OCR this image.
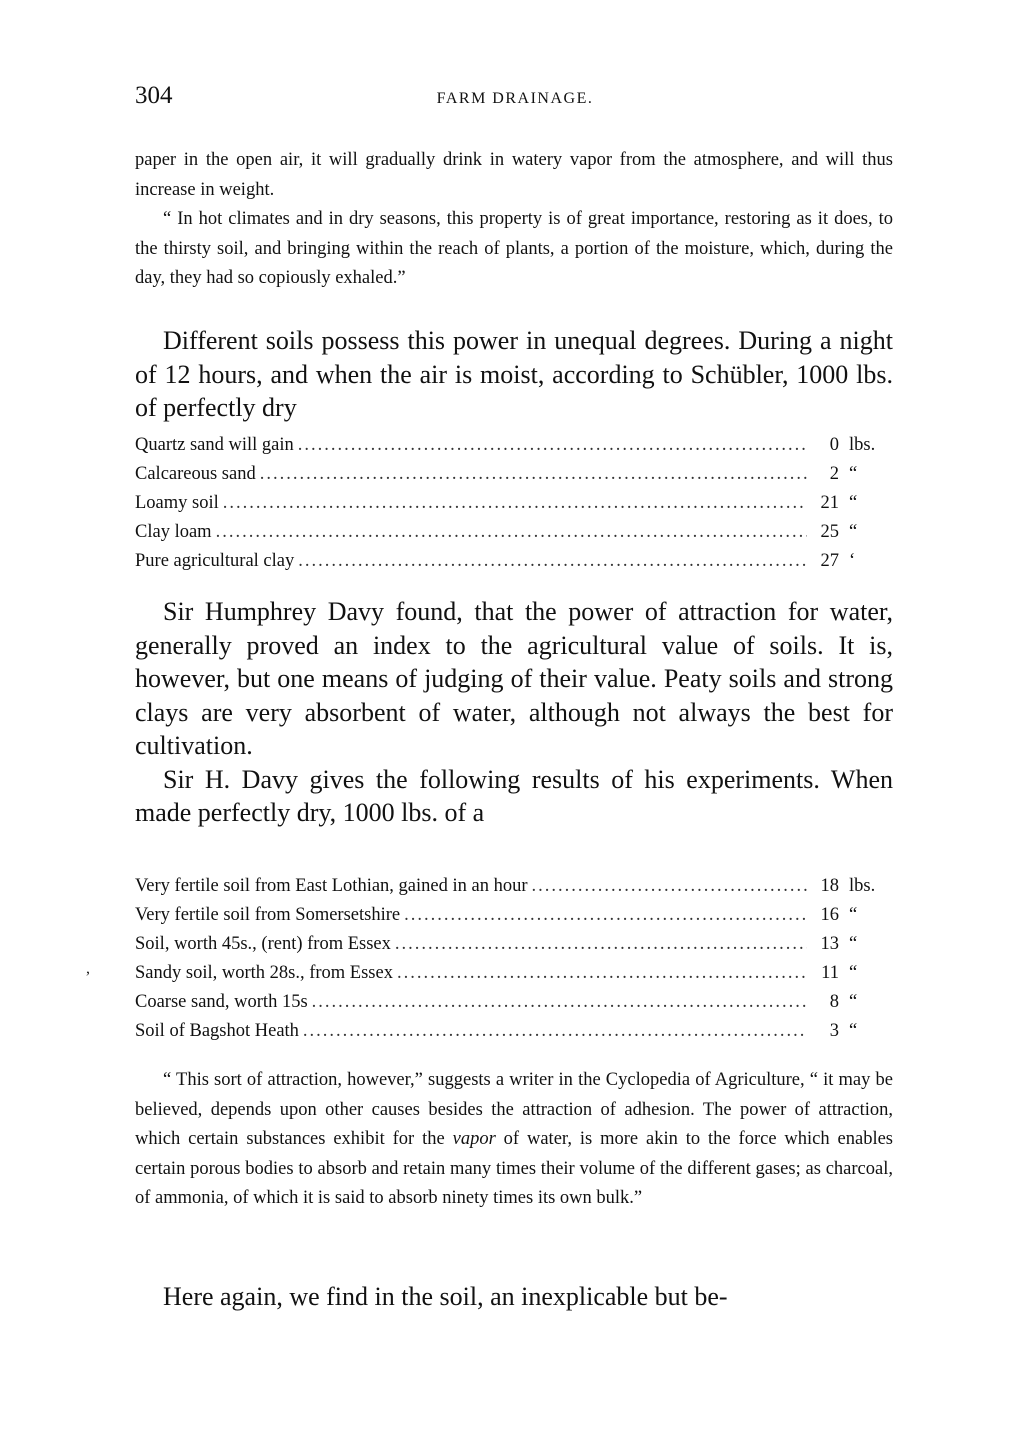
304	FARM DRAINAGE.

paper in the open air, it will gradually drink in watery vapor from the atmosphere, and will thus increase in weight.

“ In hot climates and in dry seasons, this property is of great importance, restoring as it does, to the thirsty soil, and bringing within the reach of plants, a portion of the moisture, which, during the day, they had so copiously exhaled.”

Different soils possess this power in unequal degrees. During a night of 12 hours, and when the air is moist, according to Schübler, 1000 lbs. of perfectly dry

Quartz sand will gain .....	0 lbs.
Calcareous sand .....	2 “
Loamy soil .....	21 “
Clay loam .....	25 “
Pure agricultural clay .....	27 ‘

Sir Humphrey Davy found, that the power of attraction for water, generally proved an index to the agricultural value of soils. It is, however, but one means of judging of their value. Peaty soils and strong clays are very absorbent of water, although not always the best for cultivation.

Sir H. Davy gives the following results of his experiments. When made perfectly dry, 1000 lbs. of a

Very fertile soil from East Lothian, gained in an hour .....	18 lbs.
Very fertile soil from Somersetshire .....	16 “
Soil, worth 45s., (rent) from Essex .....	13 “
Sandy soil, worth 28s., from Essex .....	11 “
Coarse sand, worth 15s .....	8 “
Soil of Bagshot Heath .....	3 “
,

“ This sort of attraction, however,” suggests a writer in the Cyclopedia of Agriculture, “ it may be believed, depends upon other causes besides the attraction of adhesion. The power of attraction, which certain substances exhibit for the vapor of water, is more akin to the force which enables certain porous bodies to absorb and retain many times their volume of the different gases; as charcoal, of ammonia, of which it is said to absorb ninety times its own bulk.”

Here again, we find in the soil, an inexplicable but be-
